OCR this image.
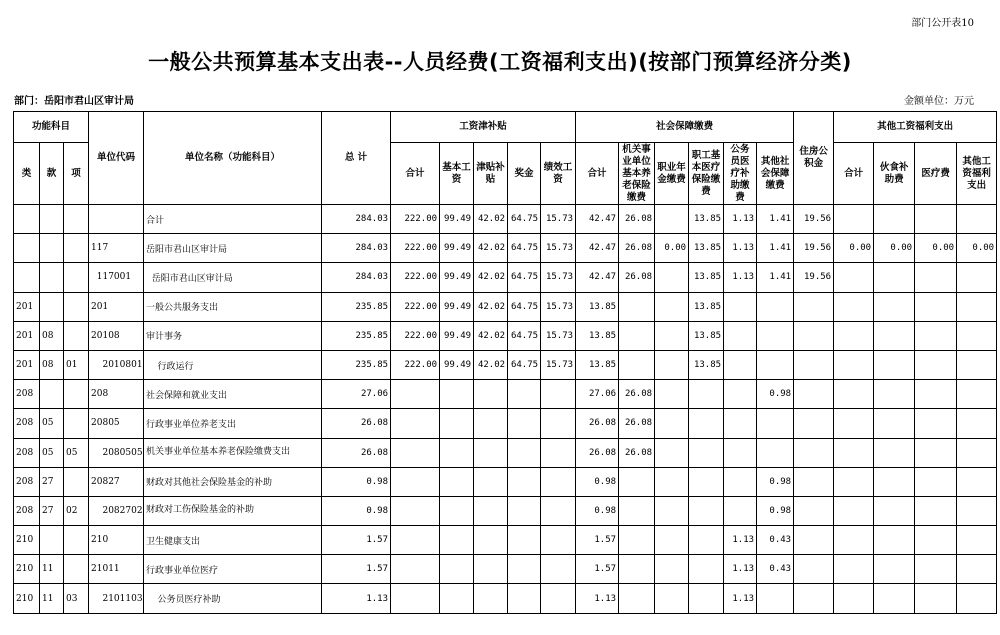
部门公开表10
一般公共预算基本支出表--人员经费(工资福利支出)(按部门预算经济分类)
部门：岳阳市君山区审计局	金额单位：万元
功能科目			单位代码	单位名称（功能科目）	总 计	工资津补贴					社会保障缴费						住房公积金	其他工资福利支出			
类	款	项				合计	基本工资	津贴补贴	奖金	绩效工资	合计	机关事业单位基本养老保险缴费	职业年金缴费	职工基本医疗保险缴费	公务员医疗补助缴费	其他社会保障缴费		合计	伙食补助费	医疗费	其他工资福利支出
				合计	284.03	222.00	99.49	42.02	64.75	15.73	42.47	26.08		13.85	1.13	1.41	19.56				
			117	岳阳市君山区审计局	284.03	222.00	99.49	42.02	64.75	15.73	42.47	26.08	0.00	13.85	1.13	1.41	19.56	0.00	0.00	0.00	0.00
			117001	岳阳市君山区审计局	284.03	222.00	99.49	42.02	64.75	15.73	42.47	26.08		13.85	1.13	1.41	19.56				
201			201	一般公共服务支出	235.85	222.00	99.49	42.02	64.75	15.73	13.85			13.85							
201	08		20108	审计事务	235.85	222.00	99.49	42.02	64.75	15.73	13.85			13.85							
201	08	01	2010801	行政运行	235.85	222.00	99.49	42.02	64.75	15.73	13.85			13.85							
208			208	社会保障和就业支出	27.06						27.06	26.08				0.98					
208	05		20805	行政事业单位养老支出	26.08						26.08	26.08									
208	05	05	2080505	机关事业单位基本养老保险缴费支出	26.08						26.08	26.08									
208	27		20827	财政对其他社会保险基金的补助	0.98						0.98					0.98					
208	27	02	2082702	财政对工伤保险基金的补助	0.98						0.98					0.98					
210			210	卫生健康支出	1.57						1.57				1.13	0.43					
210	11		21011	行政事业单位医疗	1.57						1.57				1.13	0.43					
210	11	03	2101103	公务员医疗补助	1.13						1.13				1.13						
